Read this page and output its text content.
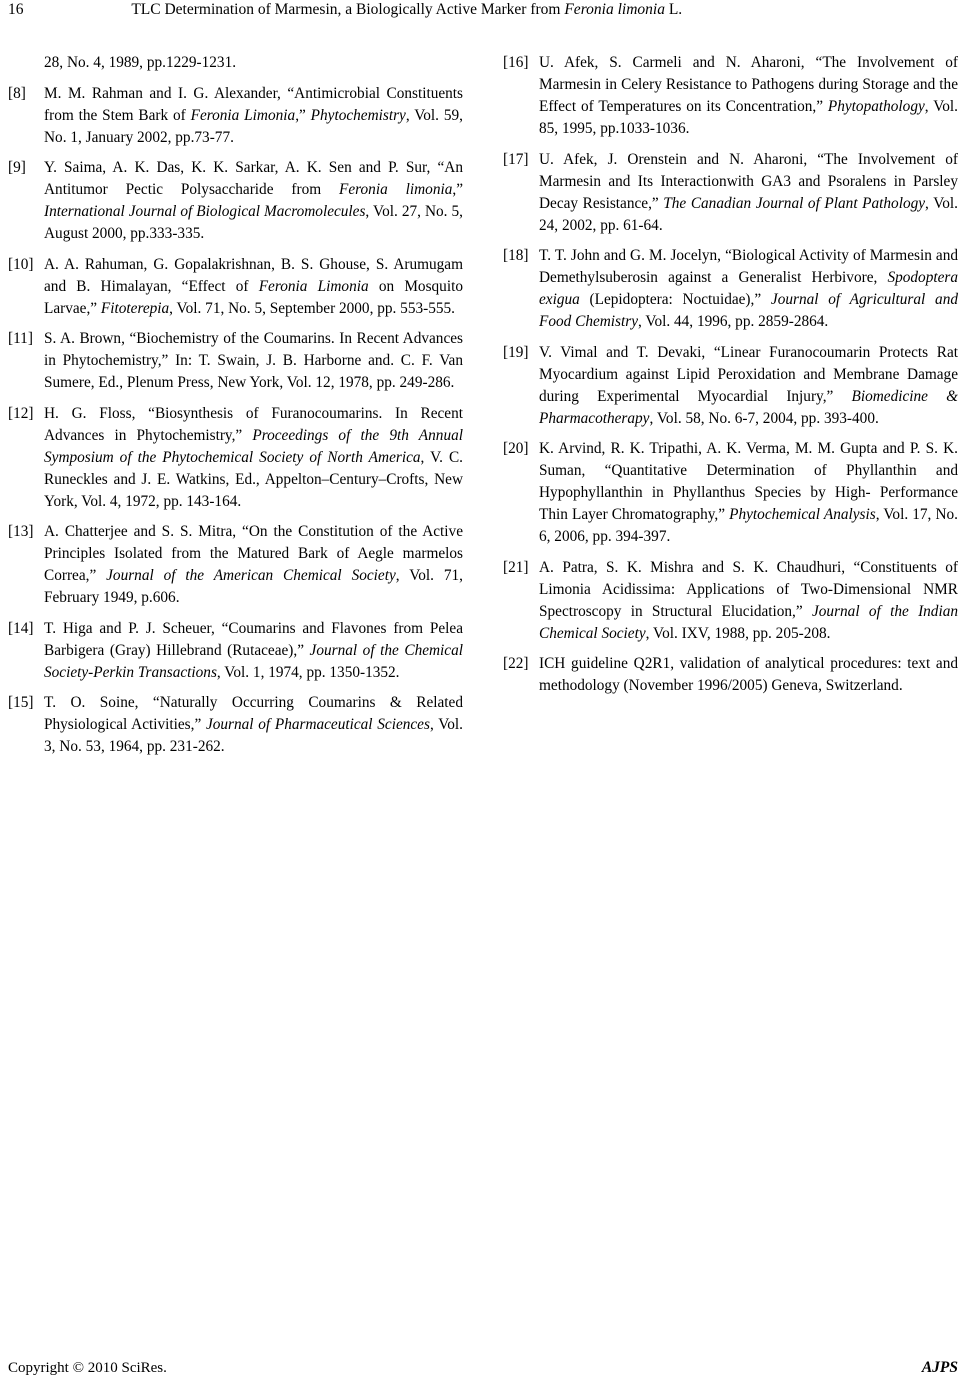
16	TLC Determination of Marmesin, a Biologically Active Marker from Feronia limonia L.
28, No. 4, 1989, pp.1229-1231.
[8]	M. M. Rahman and I. G. Alexander, “Antimicrobial Constituents from the Stem Bark of Feronia Limonia,” Phytochemistry, Vol. 59, No. 1, January 2002, pp.73-77.
[9]	Y. Saima, A. K. Das, K. K. Sarkar, A. K. Sen and P. Sur, “An Antitumor Pectic Polysaccharide from Feronia limonia,” International Journal of Biological Macromolecules, Vol. 27, No. 5, August 2000, pp.333-335.
[10] A. A. Rahuman, G. Gopalakrishnan, B. S. Ghouse, S. Arumugam and B. Himalayan, “Effect of Feronia Limonia on Mosquito Larvae,” Fitoterepia, Vol. 71, No. 5, September 2000, pp. 553-555.
[11] S. A. Brown, “Biochemistry of the Coumarins. In Recent Advances in Phytochemistry,” In: T. Swain, J. B. Harborne and. C. F. Van Sumere, Ed., Plenum Press, New York, Vol. 12, 1978, pp. 249-286.
[12] H. G. Floss, “Biosynthesis of Furanocoumarins. In Recent Advances in Phytochemistry,” Proceedings of the 9th Annual Symposium of the Phytochemical Society of North America, V. C. Runeckles and J. E. Watkins, Ed., Appelton–Century–Crofts, New York, Vol. 4, 1972, pp. 143-164.
[13] A. Chatterjee and S. S. Mitra, “On the Constitution of the Active Principles Isolated from the Matured Bark of Aegle marmelos Correa,” Journal of the American Chemical Society, Vol. 71, February 1949, p.606.
[14] T. Higa and P. J. Scheuer, “Coumarins and Flavones from Pelea Barbigera (Gray) Hillebrand (Rutaceae),” Journal of the Chemical Society-Perkin Transactions, Vol. 1, 1974, pp. 1350-1352.
[15] T. O. Soine, “Naturally Occurring Coumarins & Related Physiological Activities,” Journal of Pharmaceutical Sciences, Vol. 3, No. 53, 1964, pp. 231-262.
[16] U. Afek, S. Carmeli and N. Aharoni, “The Involvement of Marmesin in Celery Resistance to Pathogens during Storage and the Effect of Temperatures on its Concentration,” Phytopathology, Vol. 85, 1995, pp.1033-1036.
[17] U. Afek, J. Orenstein and N. Aharoni, “The Involvement of Marmesin and Its Interactionwith GA3 and Psoralens in Parsley Decay Resistance,” The Canadian Journal of Plant Pathology, Vol. 24, 2002, pp. 61-64.
[18] T. T. John and G. M. Jocelyn, “Biological Activity of Marmesin and Demethylsuberosin against a Generalist Herbivore, Spodoptera exigua (Lepidoptera: Noctuidae),” Journal of Agricultural and Food Chemistry, Vol. 44, 1996, pp. 2859-2864.
[19] V. Vimal and T. Devaki, “Linear Furanocoumarin Protects Rat Myocardium against Lipid Peroxidation and Membrane Damage during Experimental Myocardial Injury,” Biomedicine & Pharmacotherapy, Vol. 58, No. 6-7, 2004, pp. 393-400.
[20] K. Arvind, R. K. Tripathi, A. K. Verma, M. M. Gupta and P. S. K. Suman, “Quantitative Determination of Phyllanthin and Hypophyllanthin in Phyllanthus Species by High- Performance Thin Layer Chromatography,” Phytochemical Analysis, Vol. 17, No. 6, 2006, pp. 394-397.
[21] A. Patra, S. K. Mishra and S. K. Chaudhuri, “Constituents of Limonia Acidissima: Applications of Two-Dimensional NMR Spectroscopy in Structural Elucidation,” Journal of the Indian Chemical Society, Vol. IXV, 1988, pp. 205-208.
[22] ICH guideline Q2R1, validation of analytical procedures: text and methodology (November 1996/2005) Geneva, Switzerland.
Copyright © 2010 SciRes.	AJPS
